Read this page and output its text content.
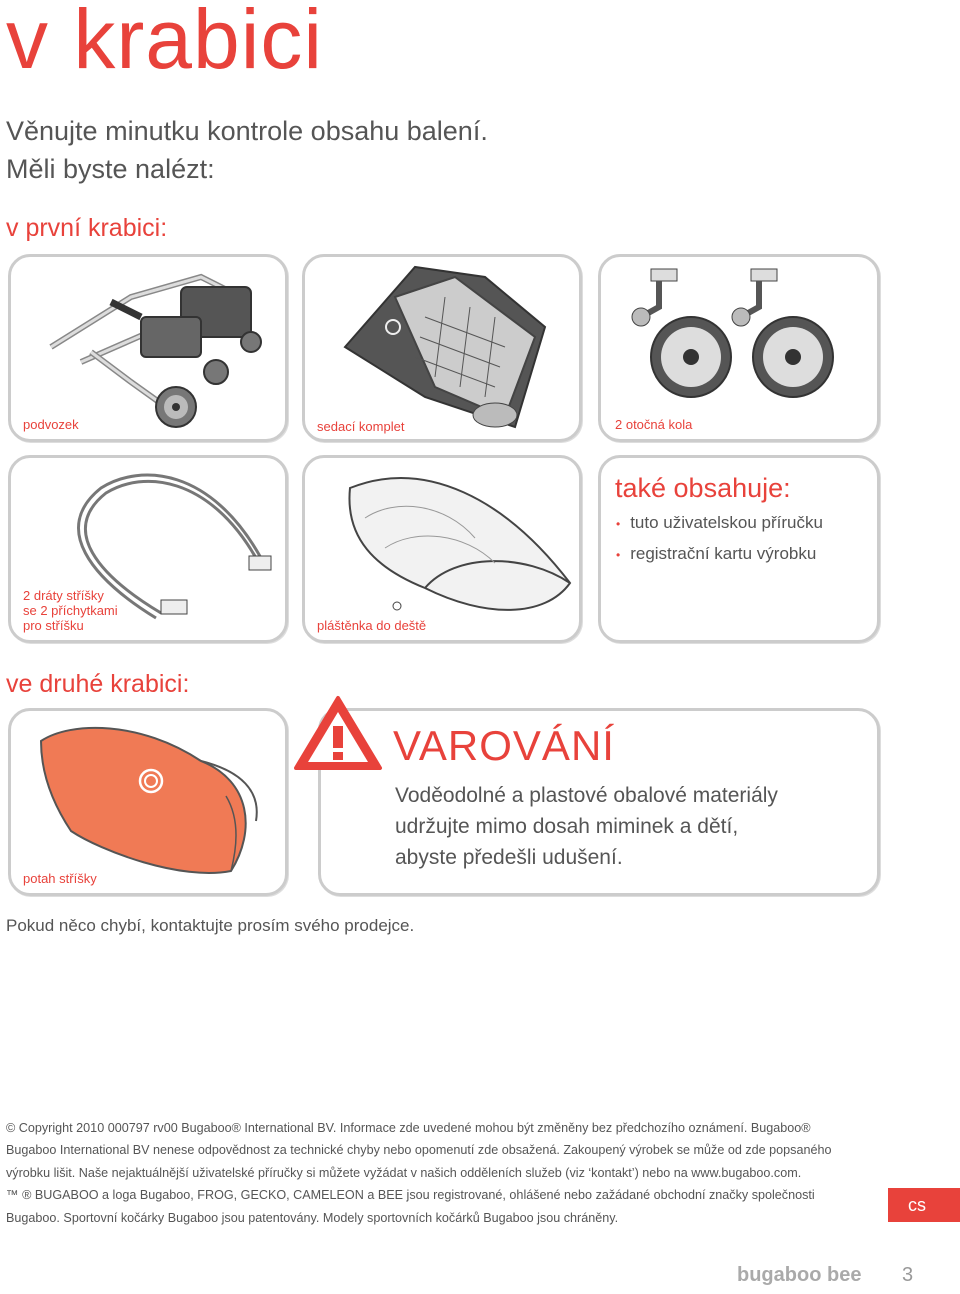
v krabici
Věnujte minutku kontrole obsahu balení.
Měli byste nalézt:
v první krabici:
podvozek	sedací komplet	2 otočná kola
2 dráty stříšky
se 2 příchytkami
pro stříšku	pláštěnka do deště
také obsahuje:
• tuto uživatelskou příručku
• registrační kartu výrobku
ve druhé krabici:
potah stříšky
VAROVÁNÍ
Voděodolné a plastové obalové materiály
udržujte mimo dosah miminek a dětí,
abyste předešli udušení.
Pokud něco chybí, kontaktujte prosím svého prodejce.
© Copyright 2010 000797 rv00 Bugaboo® International BV. Informace zde uvedené mohou být změněny bez předchozího oznámení. Bugaboo®
Bugaboo International BV nenese odpovědnost za technické chyby nebo opomenutí zde obsažená. Zakoupený výrobek se může od zde popsaného
výrobku lišit. Naše nejaktuálnější uživatelské příručky si můžete vyžádat v našich odděleních služeb (viz ‘kontakt’) nebo na www.bugaboo.com.
™ ® BUGABOO a loga Bugaboo, FROG, GECKO, CAMELEON a BEE jsou registrované, ohlášené nebo zažádané obchodní značky společnosti
Bugaboo. Sportovní kočárky Bugaboo jsou patentovány. Modely sportovních kočárků Bugaboo jsou chráněny.
cs
bugaboo bee 3
